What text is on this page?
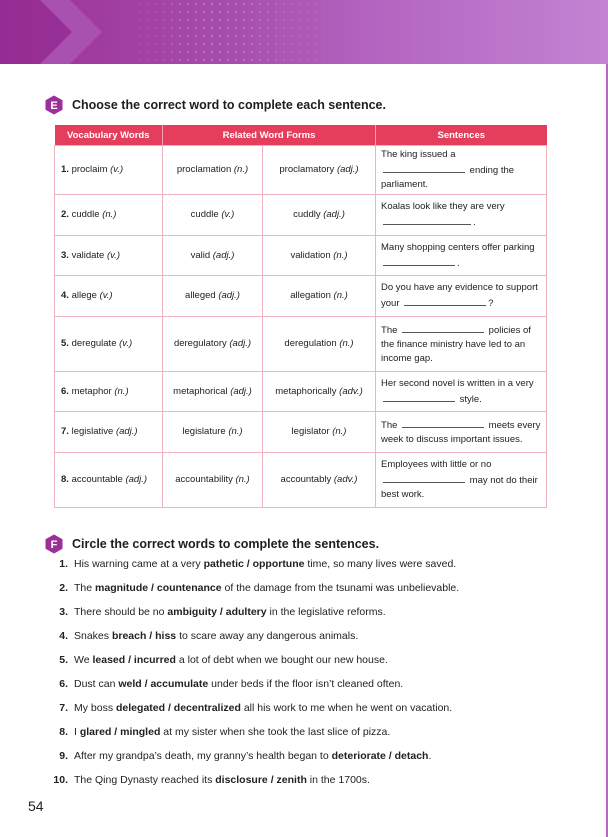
E Choose the correct word to complete each sentence.
Vocabulary Words	Related Word Forms		Sentences
1. proclaim (v.)	proclamation (n.)	proclamatory (adj.)	The king issued a  ending the parliament.
2. cuddle (n.)	cuddle (v.)	cuddly (adj.)	Koalas look like they are very .
3. validate (v.)	valid (adj.)	validation (n.)	Many shopping centers offer parking .
4. allege (v.)	alleged (adj.)	allegation (n.)	Do you have any evidence to support your ?
5. deregulate (v.)	deregulatory (adj.)	deregulation (n.)	The policies of the finance ministry have led to an income gap.
6. metaphor (n.)	metaphorical (adj.)	metaphorically (adv.)	Her second novel is written in a very  style.
7. legislative (adj.)	legislature (n.)	legislator (n.)	The meets every week to discuss important issues.
8. accountable (adj.)	accountability (n.)	accountably (adv.)	Employees with little or no  may not do their best work.
F Circle the correct words to complete the sentences.
1. His warning came at a very pathetic / opportune time, so many lives were saved.
2. The magnitude / countenance of the damage from the tsunami was unbelievable.
3. There should be no ambiguity / adultery in the legislative reforms.
4. Snakes breach / hiss to scare away any dangerous animals.
5. We leased / incurred a lot of debt when we bought our new house.
6. Dust can weld / accumulate under beds if the floor isn’t cleaned often.
7. My boss delegated / decentralized all his work to me when he went on vacation.
8. I glared / mingled at my sister when she took the last slice of pizza.
9. After my grandpa’s death, my granny’s health began to deteriorate / detach.
10. The Qing Dynasty reached its disclosure / zenith in the 1700s.
54
